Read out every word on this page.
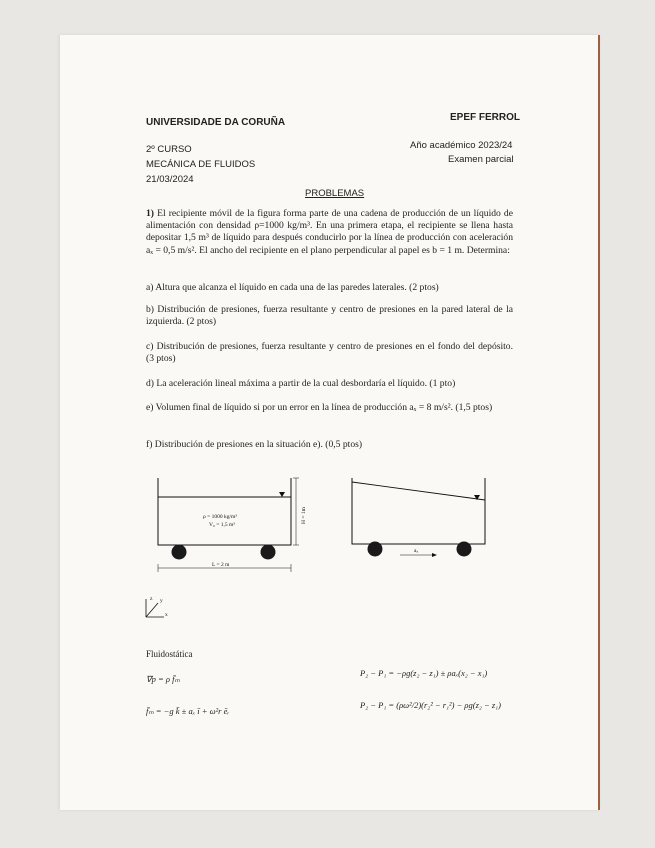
UNIVERSIDADE DA CORUÑA	EPEF FERROL
2º CURSO	Año académico 2023/24
MECÁNICA DE FLUIDOS	Examen parcial
21/03/2024
PROBLEMAS
1) El recipiente móvil de la figura forma parte de una cadena de producción de un líquido de alimentación con densidad ρ=1000 kg/m³. En una primera etapa, el recipiente se llena hasta depositar 1,5 m³ de líquido para después conducirlo por la línea de producción con aceleración aₓ = 0,5 m/s². El ancho del recipiente en el plano perpendicular al papel es b = 1 m. Determina:
a) Altura que alcanza el líquido en cada una de las paredes laterales. (2 ptos)
b) Distribución de presiones, fuerza resultante y centro de presiones en la pared lateral de la izquierda. (2 ptos)
c) Distribución de presiones, fuerza resultante y centro de presiones en el fondo del depósito. (3 ptos)
d) La aceleración lineal máxima a partir de la cual desbordaría el líquido. (1 pto)
e) Volumen final de líquido si por un error en la línea de producción aₓ = 8 m/s². (1,5 ptos)
f) Distribución de presiones en la situación e). (0,5 ptos)
ρ = 1000 kg/m³
V₀ = 1,5 m³
H = 1m
L = 2 m
aₓ
z y
x
Fluidostática
∇p = ρ f̄ₘ
P₂ − P₁ = −ρg(z₂ − z₁) ± ρaₓ(x₂ − x₁)
f̄ₘ = −g k̄ ± aₓ ī + ω²r ēᵣ
P₂ − P₁ = (ρω²/2)(r₂² − r₁²) − ρg(z₂ − z₁)
